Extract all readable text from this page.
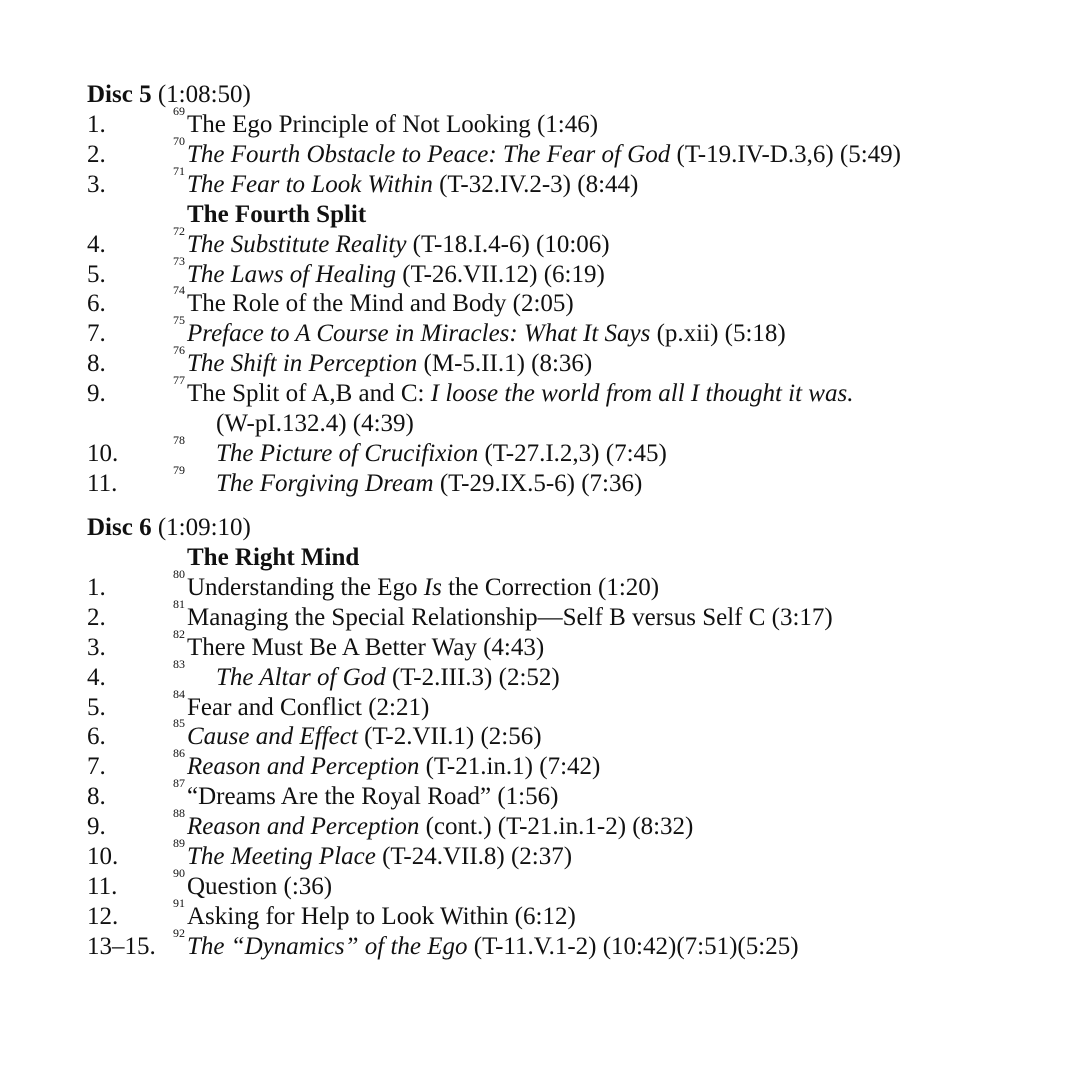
Disc 5 (1:08:50)
1.	69 The Ego Principle of Not Looking (1:46)
2.	70 The Fourth Obstacle to Peace: The Fear of God (T-19.IV-D.3,6) (5:49)
3.	71 The Fear to Look Within (T-32.IV.2-3) (8:44)
The Fourth Split
4.	72 The Substitute Reality (T-18.I.4-6) (10:06)
5.	73 The Laws of Healing (T-26.VII.12) (6:19)
6.	74 The Role of the Mind and Body (2:05)
7.	75 Preface to A Course in Miracles: What It Says (p.xii) (5:18)
8.	76 The Shift in Perception (M-5.II.1) (8:36)
9.	77 The Split of A,B and C: I loose the world from all I thought it was.
(W-pI.132.4) (4:39)
10.	78 The Picture of Crucifixion (T-27.I.2,3) (7:45)
11.	79 The Forgiving Dream (T-29.IX.5-6) (7:36)
Disc 6 (1:09:10)
The Right Mind
1.	80 Understanding the Ego Is the Correction (1:20)
2.	81 Managing the Special Relationship—Self B versus Self C (3:17)
3.	82 There Must Be A Better Way (4:43)
4.	83 The Altar of God (T-2.III.3) (2:52)
5.	84 Fear and Conflict (2:21)
6.	85 Cause and Effect (T-2.VII.1) (2:56)
7.	86 Reason and Perception (T-21.in.1) (7:42)
8.	87 “Dreams Are the Royal Road” (1:56)
9.	88 Reason and Perception (cont.) (T-21.in.1-2) (8:32)
10.	89 The Meeting Place (T-24.VII.8) (2:37)
11.	90 Question (:36)
12.	91 Asking for Help to Look Within (6:12)
13–15. 92 The “Dynamics” of the Ego (T-11.V.1-2) (10:42)(7:51)(5:25)
